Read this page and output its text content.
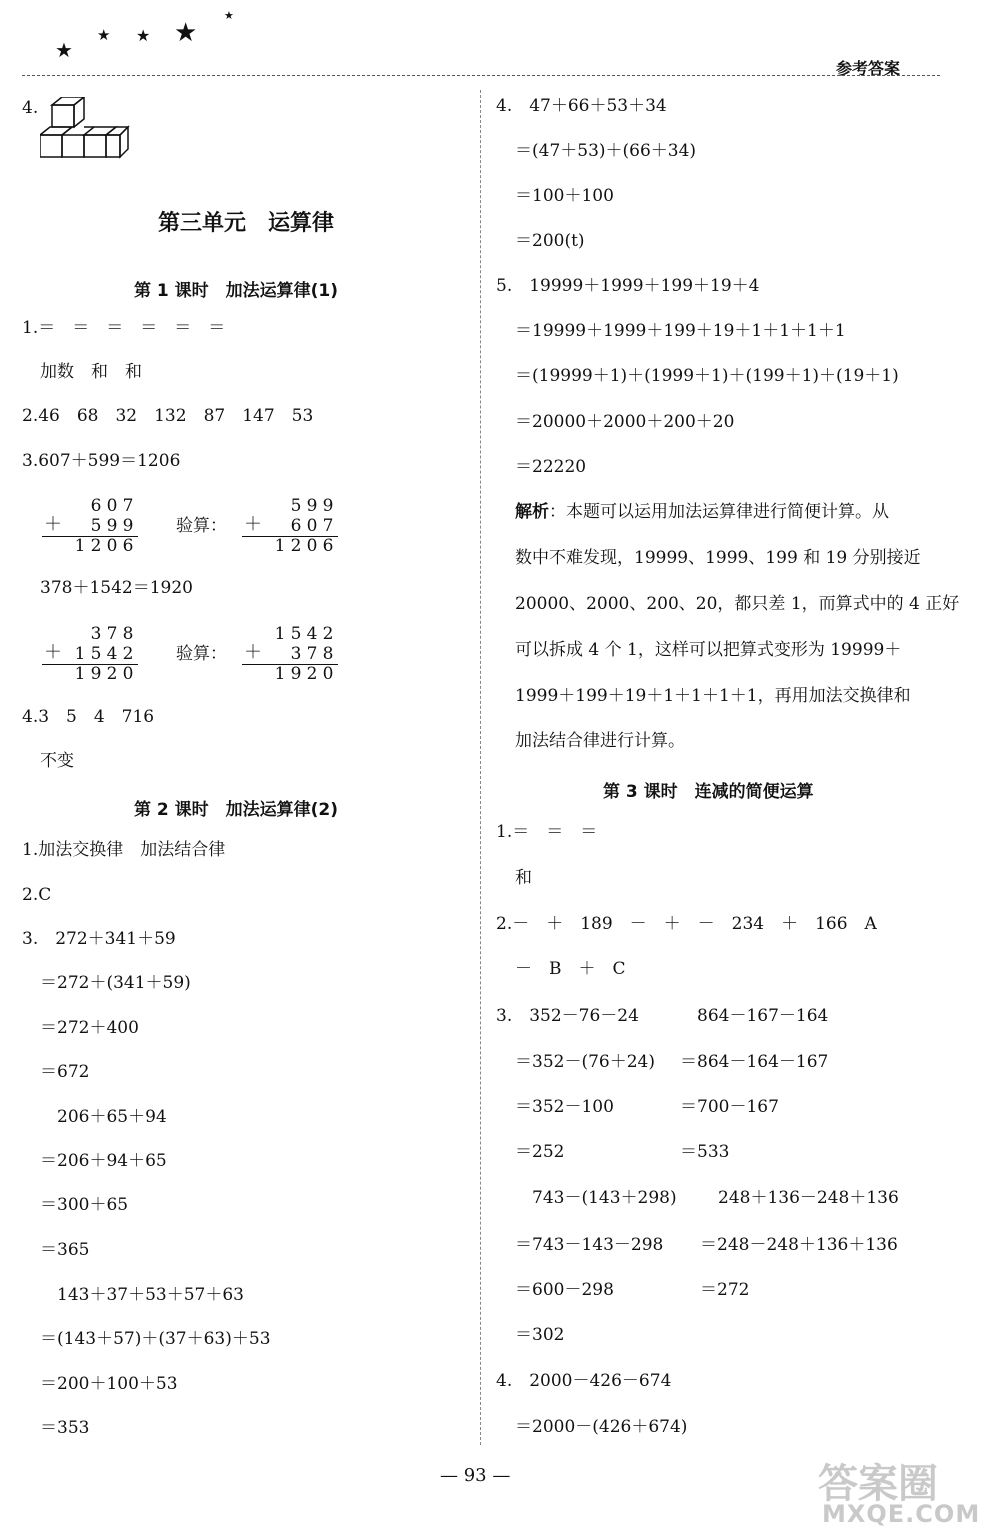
★
★ ★ ★
★
参考答案
4.
第三单元　运算律
第 1 课时　加法运算律(1)
1.＝　＝　＝　＝　＝　＝
加数　和　和
2.46　68　32　132　87　147　53
3.607＋599＝1206
6 0 7
＋ 5 9 9
1 2 0 6
验算：
5 9 9
＋ 6 0 7
1 2 0 6
378＋1542＝1920
3 7 8
＋ 1 5 4 2
1 9 2 0
验算：
1 5 4 2
＋ 3 7 8
1 9 2 0
4.3　5　4　716
不变
第 2 课时　加法运算律(2)
1.加法交换律　加法结合律
2.C
3.　272＋341＋59
＝272＋(341＋59)
＝272＋400
＝672
　206＋65＋94
＝206＋94＋65
＝300＋65
＝365
　143＋37＋53＋57＋63
＝(143＋57)＋(37＋63)＋53
＝200＋100＋53
＝353
4.　47＋66＋53＋34
＝(47＋53)＋(66＋34)
＝100＋100
＝200(t)
5.　19999＋1999＋199＋19＋4
＝19999＋1999＋199＋19＋1＋1＋1＋1
＝(19999＋1)＋(1999＋1)＋(199＋1)＋(19＋1)
＝20000＋2000＋200＋20
＝22220
解析：本题可以运用加法运算律进行简便计算。从
数中不难发现，19999、1999、199 和 19 分别接近
20000、2000、200、20，都只差 1，而算式中的 4 正好
可以拆成 4 个 1，这样可以把算式变形为 19999＋
1999＋199＋19＋1＋1＋1＋1，再用加法交换律和
加法结合律进行计算。
第 3 课时　连减的简便运算
1.＝　＝　＝
和
2.－　＋　189　－　＋　－　234　＋　166　A
－　B　＋　C
3.　352－76－24	864－167－164
＝352－(76＋24) ＝864－164－167
＝352－100	＝700－167
＝252	＝533
　743－(143＋298) 248＋136－248＋136
＝743－143－298 ＝248－248＋136＋136
＝600－298	＝272
＝302
4.　2000－426－674
＝2000－(426＋674)
— 93 —	答案圈
MXQE.COM
